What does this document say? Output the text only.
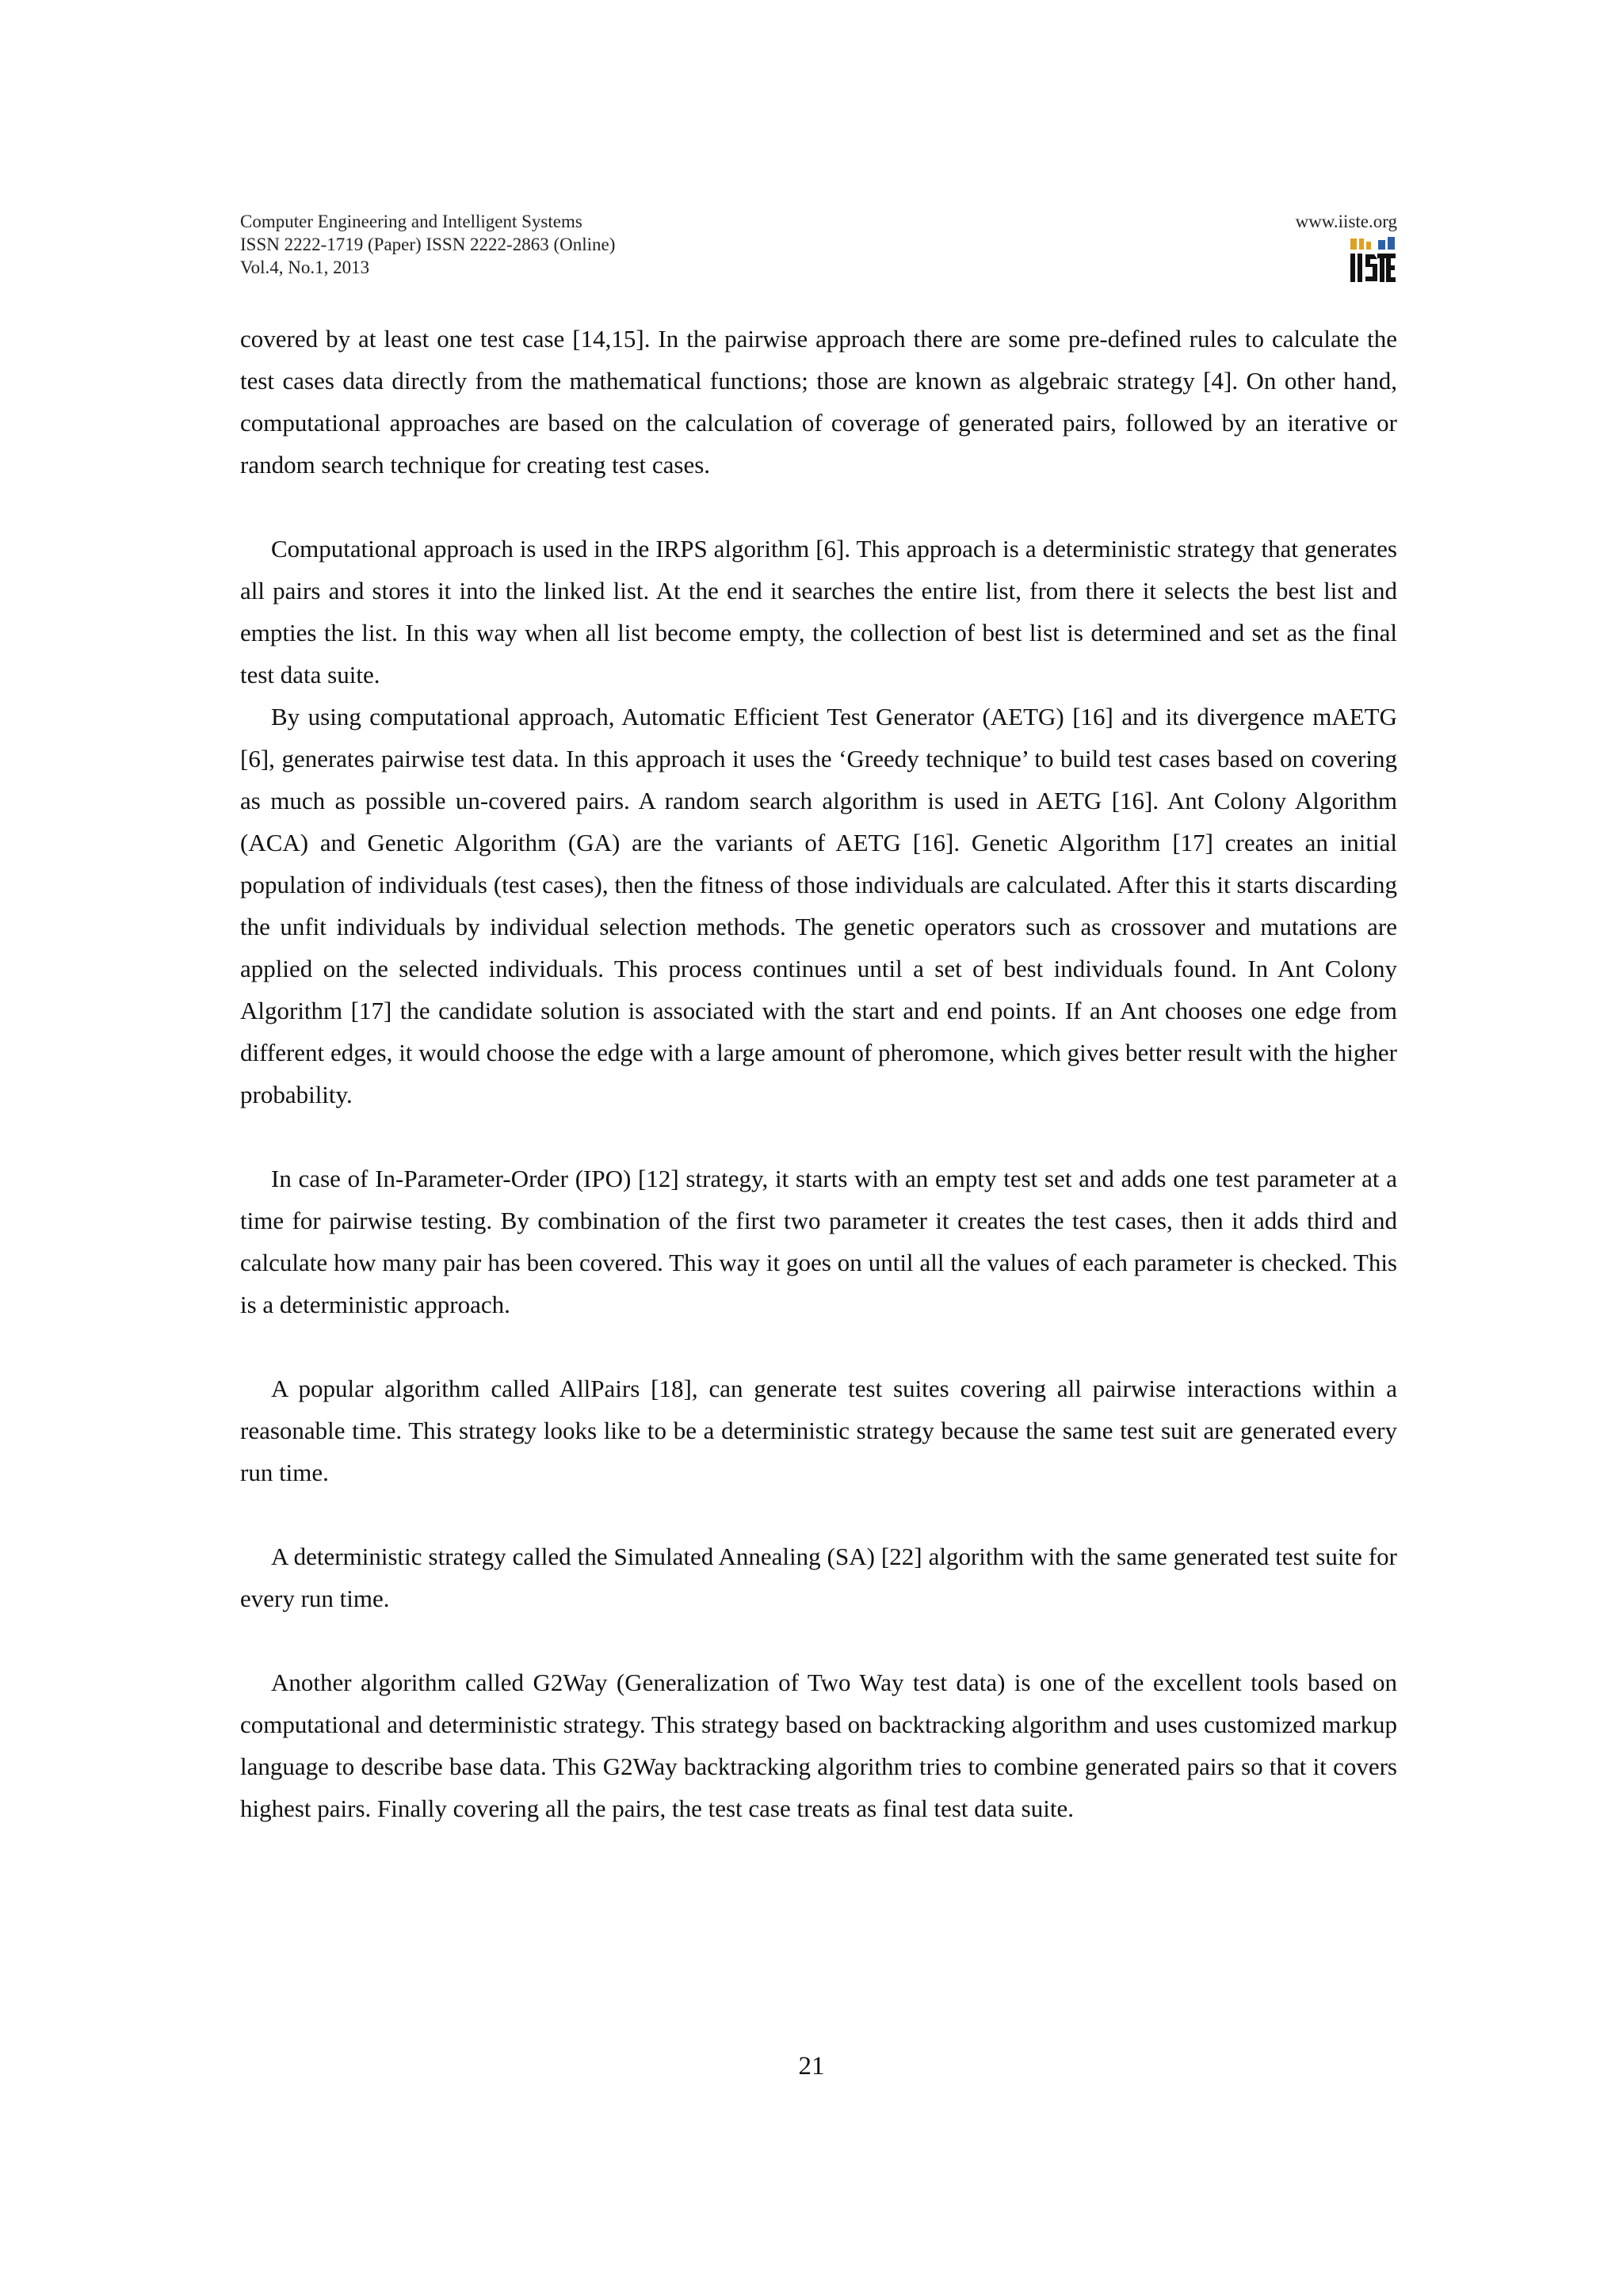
Computer Engineering and Intelligent Systems
ISSN 2222-1719 (Paper) ISSN 2222-2863 (Online)
Vol.4, No.1, 2013
www.iiste.org

covered by at least one test case [14,15]. In the pairwise approach there are some pre-defined rules to calculate the test cases data directly from the mathematical functions; those are known as algebraic strategy [4]. On other hand, computational approaches are based on the calculation of coverage of generated pairs, followed by an iterative or random search technique for creating test cases.

Computational approach is used in the IRPS algorithm [6]. This approach is a deterministic strategy that generates all pairs and stores it into the linked list. At the end it searches the entire list, from there it selects the best list and empties the list. In this way when all list become empty, the collection of best list is determined and set as the final test data suite.

By using computational approach, Automatic Efficient Test Generator (AETG) [16] and its divergence mAETG [6], generates pairwise test data. In this approach it uses the ‘Greedy technique’ to build test cases based on covering as much as possible un-covered pairs. A random search algorithm is used in AETG [16]. Ant Colony Algorithm (ACA) and Genetic Algorithm (GA) are the variants of AETG [16]. Genetic Algorithm [17] creates an initial population of individuals (test cases), then the fitness of those individuals are calculated. After this it starts discarding the unfit individuals by individual selection methods. The genetic operators such as crossover and mutations are applied on the selected individuals. This process continues until a set of best individuals found. In Ant Colony Algorithm [17] the candidate solution is associated with the start and end points. If an Ant chooses one edge from different edges, it would choose the edge with a large amount of pheromone, which gives better result with the higher probability.

In case of In-Parameter-Order (IPO) [12] strategy, it starts with an empty test set and adds one test parameter at a time for pairwise testing. By combination of the first two parameter it creates the test cases, then it adds third and calculate how many pair has been covered. This way it goes on until all the values of each parameter is checked. This is a deterministic approach.

A popular algorithm called AllPairs [18], can generate test suites covering all pairwise interactions within a reasonable time. This strategy looks like to be a deterministic strategy because the same test suit are generated every run time.

A deterministic strategy called the Simulated Annealing (SA) [22] algorithm with the same generated test suite for every run time.

Another algorithm called G2Way (Generalization of Two Way test data) is one of the excellent tools based on computational and deterministic strategy. This strategy based on backtracking algorithm and uses customized markup language to describe base data. This G2Way backtracking algorithm tries to combine generated pairs so that it covers highest pairs. Finally covering all the pairs, the test case treats as final test data suite.

21
